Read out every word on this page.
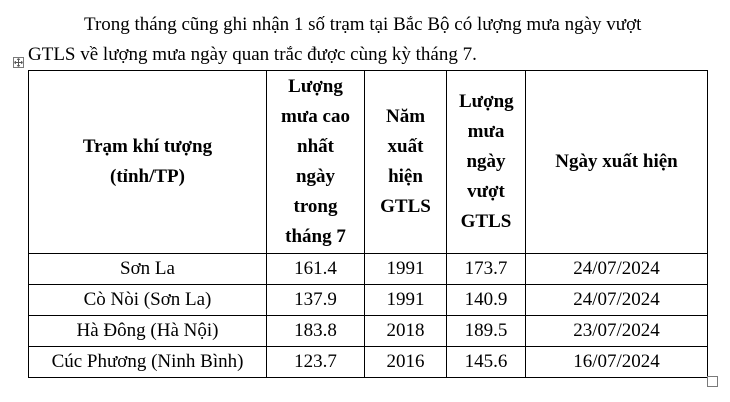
Trong tháng cũng ghi nhận 1 số trạm tại Bắc Bộ có lượng mưa ngày vượt
GTLS về lượng mưa ngày quan trắc được cùng kỳ tháng 7.

Trạm khí tượng (tỉnh/TP)	Lượng mưa cao nhất ngày trong tháng 7	Năm xuất hiện GTLS	Lượng mưa ngày vượt GTLS	Ngày xuất hiện
Sơn La	161.4	1991	173.7	24/07/2024
Cò Nòi (Sơn La)	137.9	1991	140.9	24/07/2024
Hà Đông (Hà Nội)	183.8	2018	189.5	23/07/2024
Cúc Phương (Ninh Bình)	123.7	2016	145.6	16/07/2024
